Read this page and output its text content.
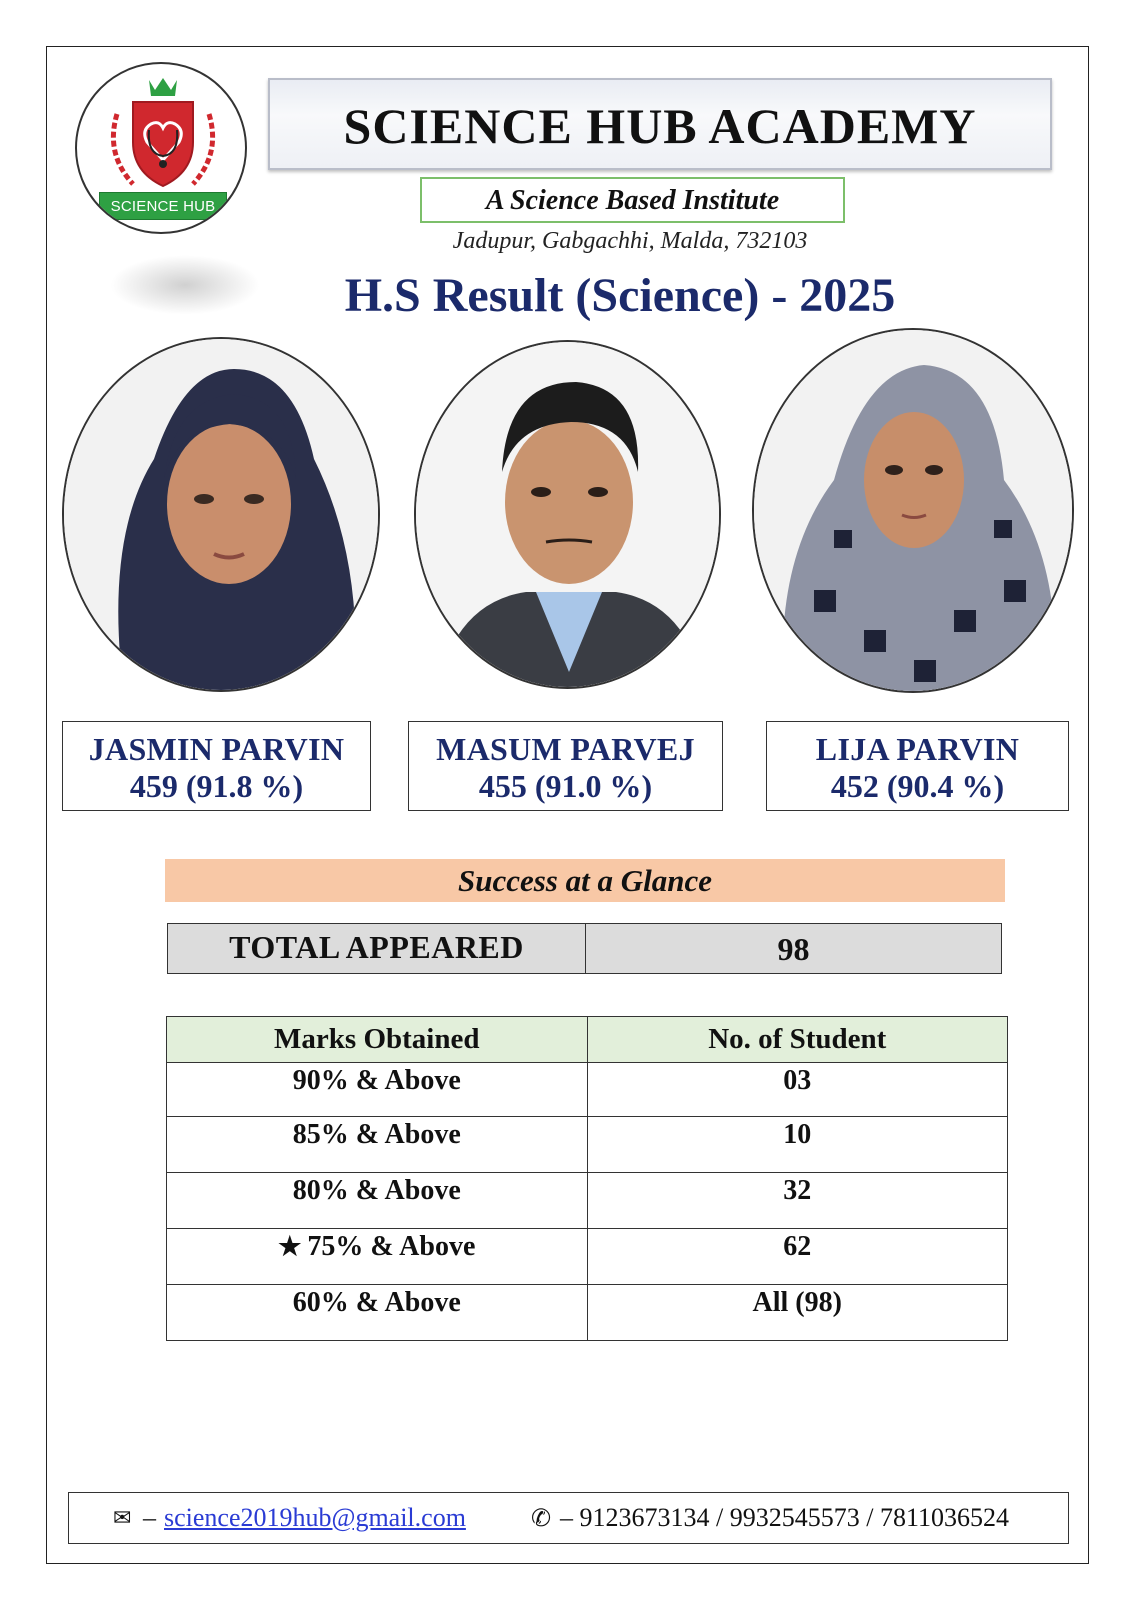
SCIENCE HUB
SCIENCE HUB ACADEMY
A Science Based Institute
Jadupur, Gabgachhi, Malda, 732103
H.S Result (Science) - 2025
JASMIN PARVIN
459 (91.8 %)
MASUM PARVEJ
455 (91.0 %)
LIJA PARVIN
452 (90.4 %)
Success at a Glance
TOTAL APPEARED	98
Marks Obtained	No. of Student
90% & Above	03
85% & Above	10
80% & Above	32
★ 75% & Above	62
60% & Above	All (98)
✉ – science2019hub@gmail.com	✆ – 9123673134 / 9932545573 / 7811036524
